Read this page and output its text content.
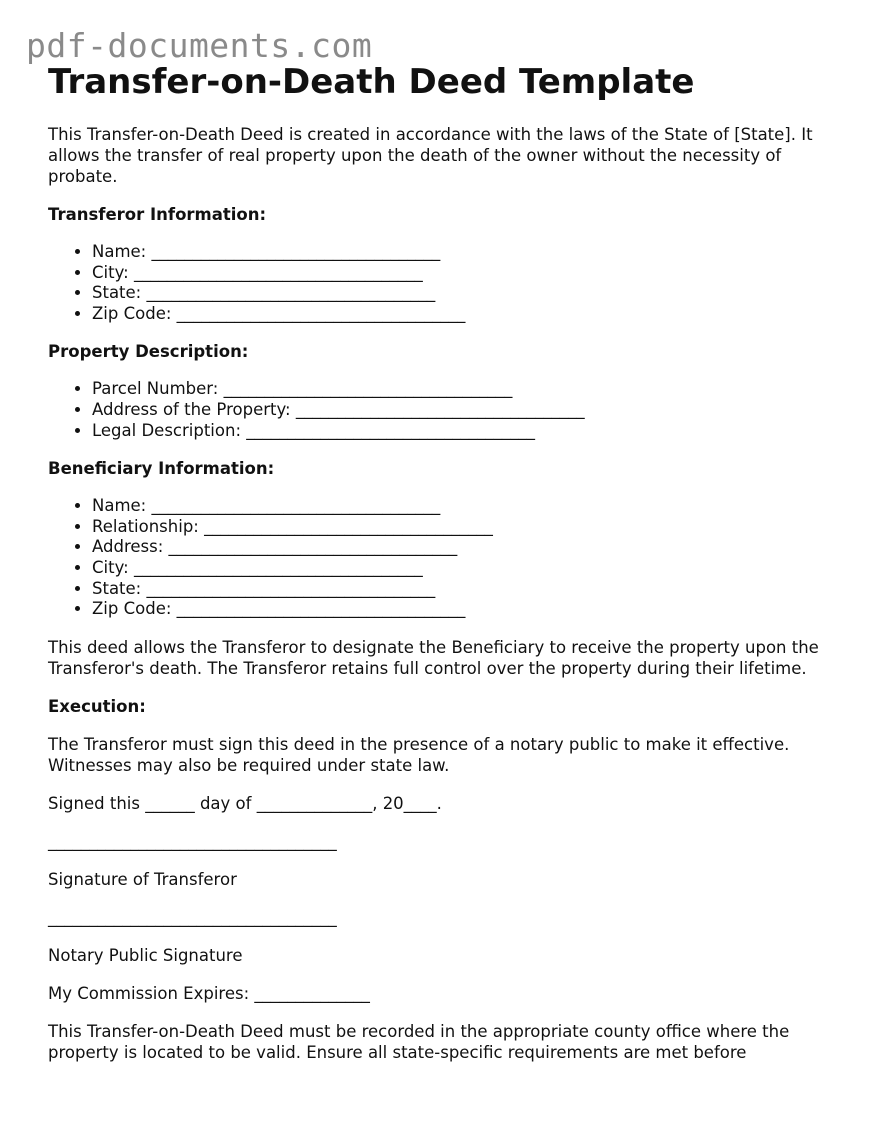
pdf-documents.com
Transfer-on-Death Deed Template

This Transfer-on-Death Deed is created in accordance with the laws of the State of [State]. It allows the transfer of real property upon the death of the owner without the necessity of probate.

Transferor Information:
• Name: ___________________________________
• City: ___________________________________
• State: ___________________________________
• Zip Code: ___________________________________
Property Description:
• Parcel Number: ___________________________________
• Address of the Property: ___________________________________
• Legal Description: ___________________________________
Beneficiary Information:
• Name: ___________________________________
• Relationship: ___________________________________
• Address: ___________________________________
• City: ___________________________________
• State: ___________________________________
• Zip Code: ___________________________________

This deed allows the Transferor to designate the Beneficiary to receive the property upon the Transferor's death. The Transferor retains full control over the property during their lifetime.

Execution:

The Transferor must sign this deed in the presence of a notary public to make it effective. Witnesses may also be required under state law.

Signed this ______ day of ______________, 20____.

___________________________________

Signature of Transferor

___________________________________

Notary Public Signature

My Commission Expires: ______________

This Transfer-on-Death Deed must be recorded in the appropriate county office where the property is located to be valid. Ensure all state-specific requirements are met before
